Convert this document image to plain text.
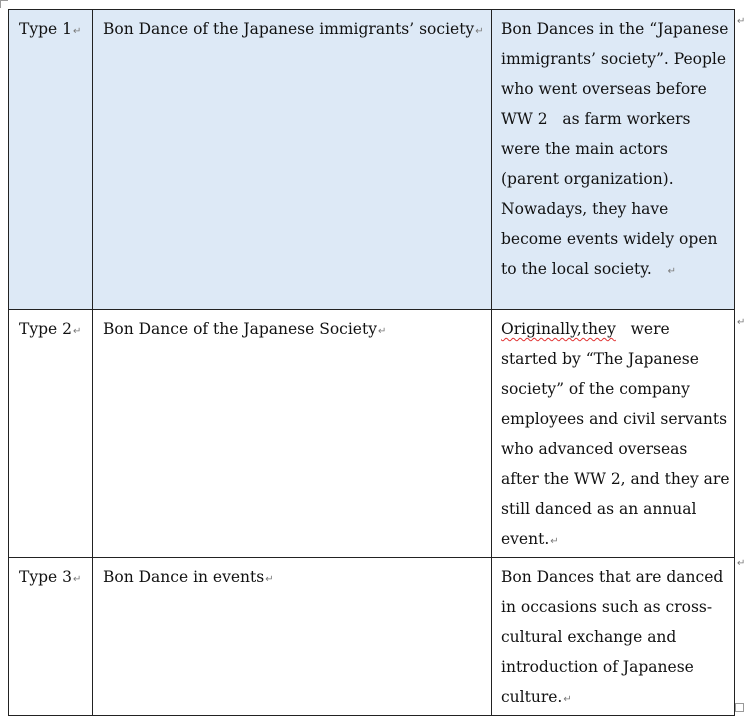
Type 1↵	Bon Dance of the Japanese immigrants’ society↵	Bon Dances in the “Japanese immigrants’ society”. People who went overseas before WW 2   as farm workers were the main actors (parent organization). Nowadays, they have become events widely open to the local society.   ↵
Type 2↵	Bon Dance of the Japanese Society↵	Originally,they   were started by “The Japanese society” of the company employees and civil servants who advanced overseas after the WW 2, and they are still danced as an annual event.↵
Type 3↵	Bon Dance in events↵	Bon Dances that are danced in occasions such as cross-cultural exchange and introduction of Japanese culture.↵
↵
↵
↵
